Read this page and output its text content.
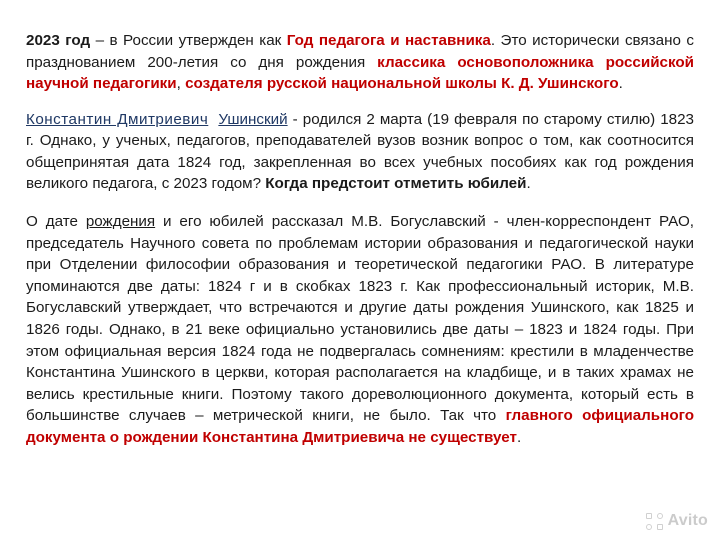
2023 год – в России утвержден как Год педагога и наставника. Это исторически связано с празднованием 200-летия со дня рождения классика основоположника российской научной педагогики, создателя русской национальной школы К. Д. Ушинского.

Константин Дмитриевич Ушинский - родился 2 марта (19 февраля по старому стилю) 1823 г. Однако, у ученых, педагогов, преподавателей вузов возник вопрос о том, как соотносится общепринятая дата 1824 год, закрепленная во всех учебных пособиях как год рождения великого педагога, с 2023 годом? Когда предстоит отметить юбилей.

О дате рождения и его юбилей рассказал М.В. Богуславский - член-корреспондент РАО, председатель Научного совета по проблемам истории образования и педагогической науки при Отделении философии образования и теоретической педагогики РАО. В литературе упоминаются две даты: 1824 г и в скобках 1823 г. Как профессиональный историк, М.В. Богуславский утверждает, что встречаются и другие даты рождения Ушинского, как 1825 и 1826 годы. Однако, в 21 веке официально установились две даты – 1823 и 1824 годы. При этом официальная версия 1824 года не подвергалась сомнениям: крестили в младенчестве Константина Ушинского в церкви, которая располагается на кладбище, и в таких храмах не велись крестильные книги. Поэтому такого дореволюционного документа, который есть в большинстве случаев – метрической книги, не было. Так что главного официального документа о рождении Константина Дмитриевича не существует.

Avito
